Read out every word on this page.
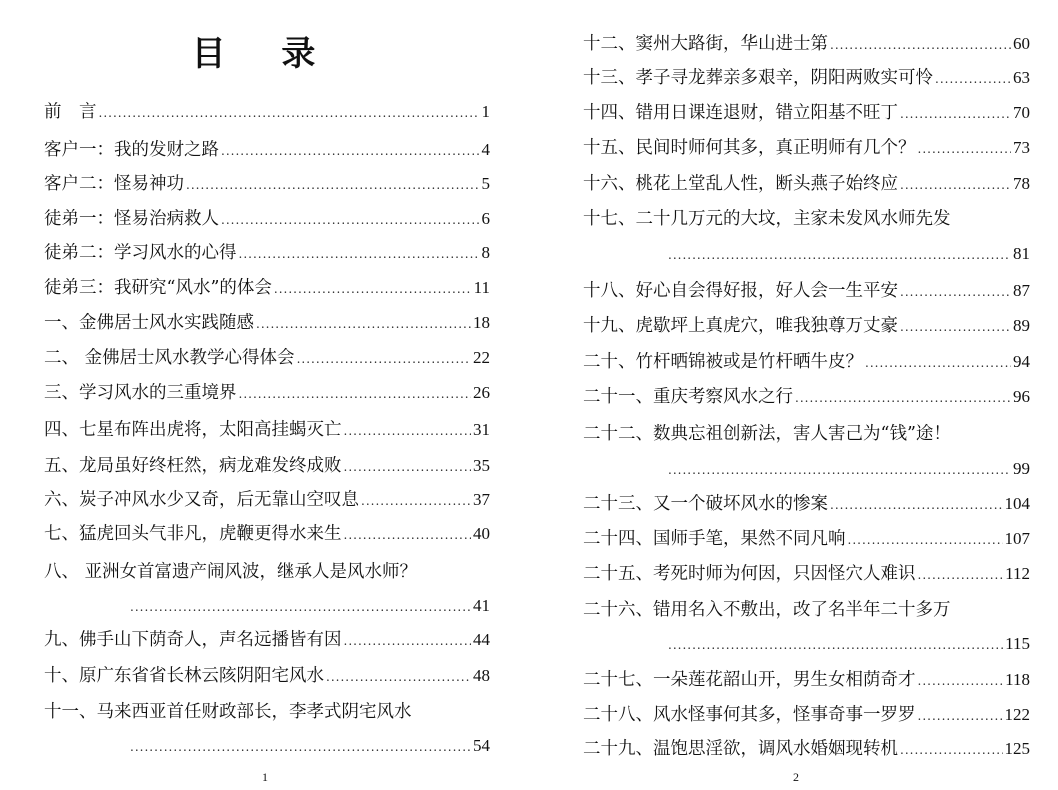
目 录
1
前　言 .....	1
客户一：我的发财之路 .....	4
客户二：怪易神功 .....	5
徒弟一：怪易治病救人 .....	6
徒弟二：学习风水的心得 .....	8
徒弟三：我研究“风水”的体会 .....	11
一、金佛居士风水实践随感 .....	18
二、 金佛居士风水教学心得体会 .....	22
三、学习风水的三重境界 .....	26
四、七星布阵出虎将，太阳高挂蝎灭亡 .....	31
五、龙局虽好终枉然，病龙难发终成败 .....	35
六、炭子冲风水少又奇，后无靠山空叹息 .....	37
七、猛虎回头气非凡，虎鞭更得水来生 .....	40
八、 亚洲女首富遗产闹风波，继承人是风水师？
.....
41
九、佛手山下荫奇人，声名远播皆有因 .....	44
十、原广东省省长林云陔阴阳宅风水 .....	48
十一、马来西亚首任财政部长，李孝式阴宅风水
.....
54
2
十二、窦州大路街，华山进士第 .....	60
十三、孝子寻龙葬亲多艰辛，阴阳两败实可怜 .....	63
十四、错用日课连退财，错立阳基不旺丁 .....	70
十五、民间时师何其多，真正明师有几个？ .....	73
十六、桃花上堂乱人性，断头燕子始终应 .....	78
十七、二十几万元的大坟，主家未发风水师先发
.....
81
十八、好心自会得好报，好人会一生平安 .....	87
十九、虎歇坪上真虎穴，唯我独尊万丈豪 .....	89
二十、竹杆晒锦被或是竹杆晒牛皮？ .....	94
二十一、重庆考察风水之行 .....	96
二十二、数典忘祖创新法，害人害己为“钱”途！
.....
99
二十三、又一个破坏风水的惨案 .....	104
二十四、国师手笔，果然不同凡响 .....	107
二十五、考死时师为何因，只因怪穴人难识 .....	112
二十六、错用名入不敷出，改了名半年二十多万
.....
115
二十七、一朵莲花韶山开，男生女相荫奇才 .....	118
二十八、风水怪事何其多，怪事奇事一罗罗 .....	122
二十九、温饱思淫欲，调风水婚姻现转机 .....	125
